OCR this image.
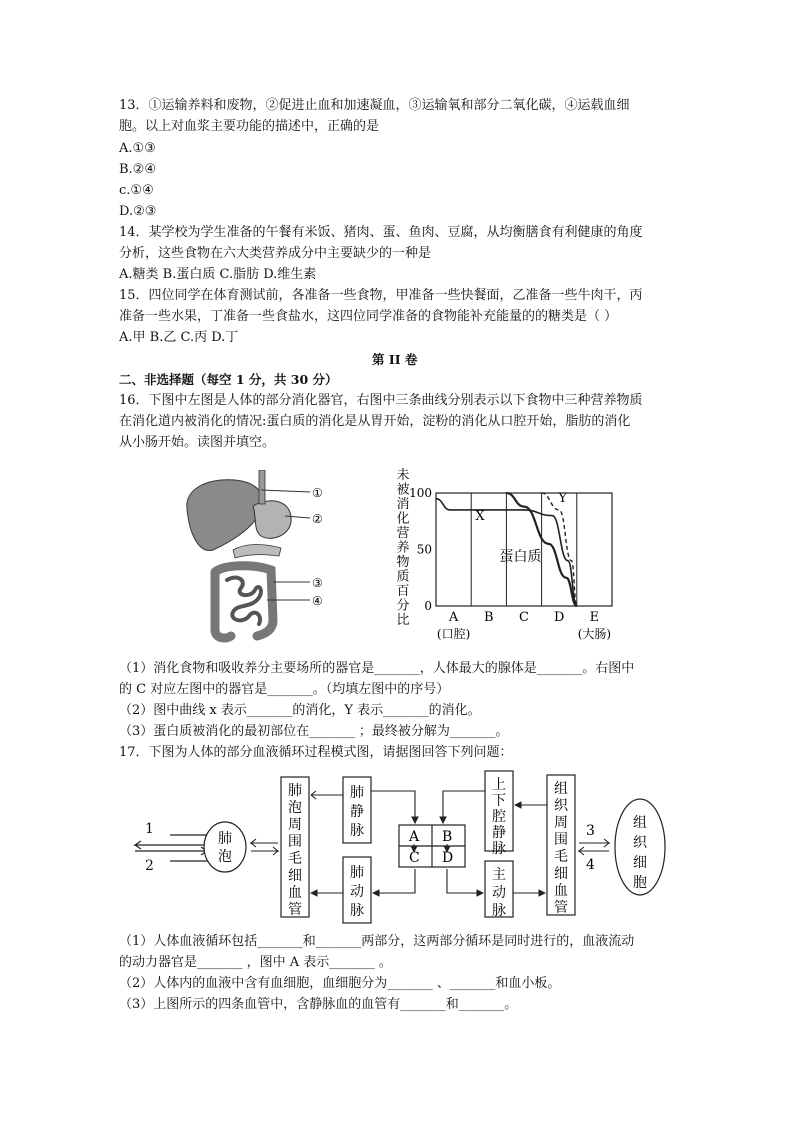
13．①运输养料和废物，②促进止血和加速凝血，③运输氧和部分二氧化碳，④运载血细
胞。以上对血浆主要功能的描述中，正确的是
A.①③
B.②④
c.①④
D.②③
14．某学校为学生准备的午餐有米饭、猪肉、蛋、鱼肉、豆腐，从均衡膳食有利健康的角度
分析，这些食物在六大类营养成分中主要缺少的一种是
A.糖类 B.蛋白质 C.脂肪 D.维生素
15．四位同学在体育测试前，各准备一些食物，甲准备一些快餐面，乙准备一些牛肉干，丙
准备一些水果，丁准备一些食盐水，这四位同学准备的食物能补充能量的的糖类是（ ）
A.甲 B.乙 C.丙 D.丁
第 II 卷
二、非选择题（每空 1 分，共 30 分）
16．下图中左图是人体的部分消化器官，右图中三条曲线分别表示以下食物中三种营养物质
在消化道内被消化的情况:蛋白质的消化是从胃开始，淀粉的消化从口腔开始，脂肪的消化
从小肠开始。读图并填空。
①
②
③
④
未
被
消
化
营
养
物
质
百
分
比
100
50
0
X
Y
蛋白质
A
(口腔)
B C D E
(大肠)
（1）消化食物和吸收养分主要场所的器官是_______，人体最大的腺体是_______。右图中
的 C 对应左图中的器官是_______。（均填左图中的序号）
（2）图中曲线 x 表示_______的消化，Y 表示_______的消化。
（3）蛋白质被消化的最初部位在_______ ；最终被分解为_______。
17．下图为人体的部分血液循环过程模式图，请据图回答下列问题：
1
2
肺泡
肺
泡
周
围
毛
细
血
管
肺
静
脉
肺
动
脉
A B
C D
上
下
腔
静
脉
主
动
脉
组
织
周
围
毛
细
血
管
组
织
细
胞
3
4
（1）人体血液循环包括_______和_______两部分，这两部分循环是同时进行的，血液流动
的动力器官是_______ ，图中 A 表示_______ 。
（2）人体内的血液中含有血细胞，血细胞分为_______ 、_______和血小板。
（3）上图所示的四条血管中，含静脉血的血管有_______和_______。
